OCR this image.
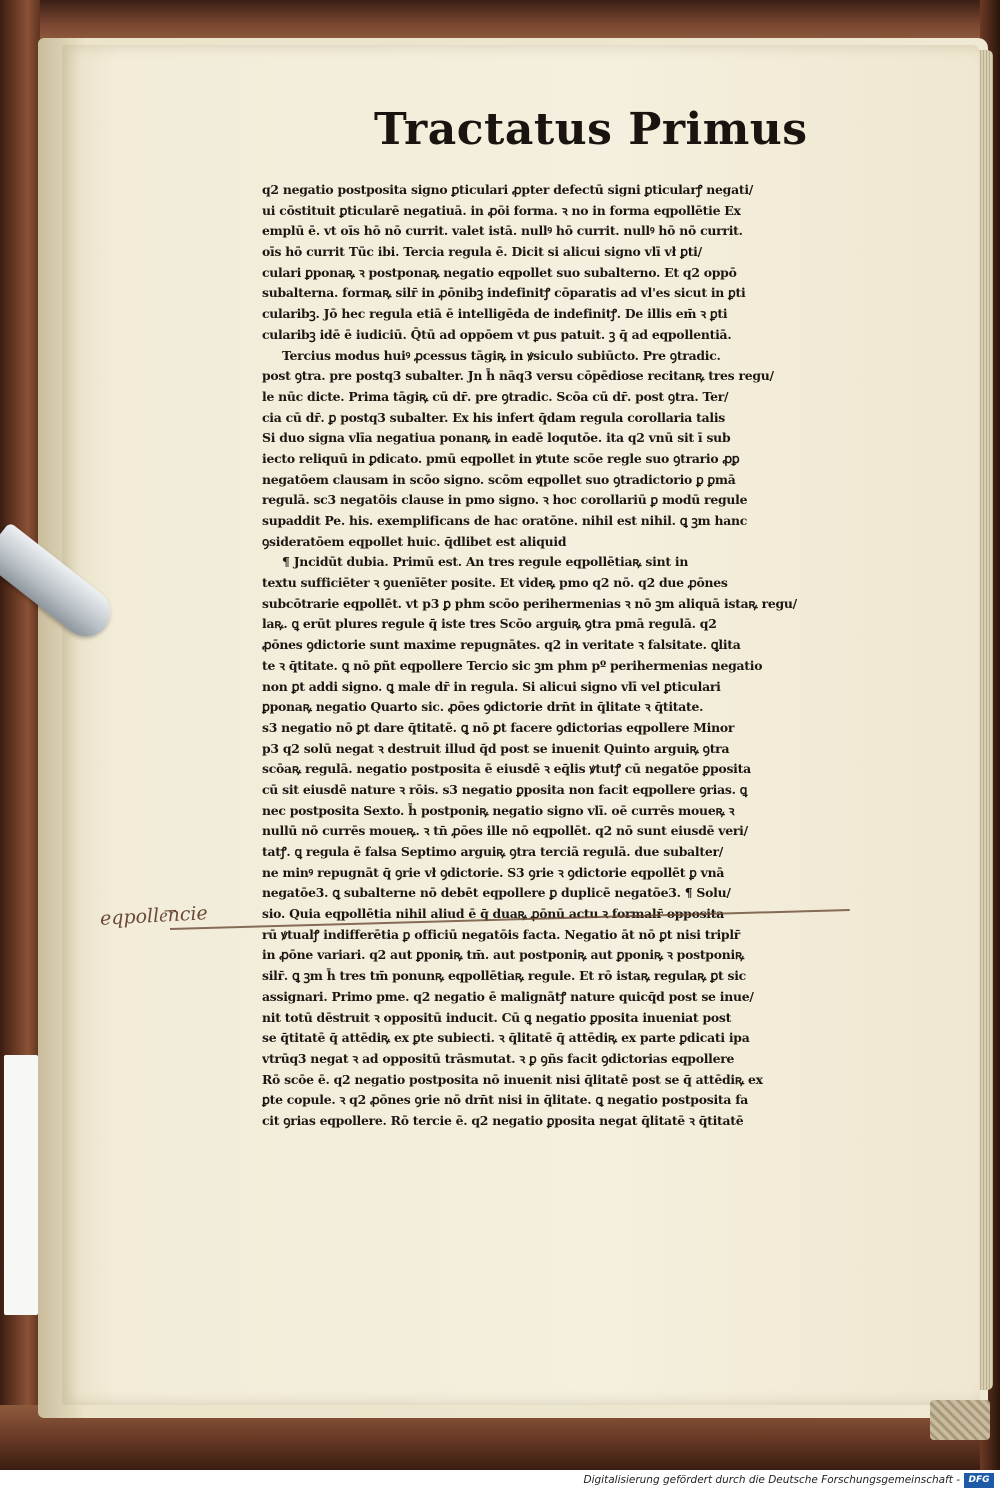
Tractatus Primus
q2 negatio postposita signo ꝑticulari ꝓpter defectū signi ꝑticularꝭ negati/
ui cōstituit ꝑticularē negatiuā. in ꝓōi forma. ꝛ no in forma eqpollētie Ex
emplū ē. vt oīs hō nō currit. valet istā. nullꝰ hō currit. nullꝰ hō nō currit.
oīs hō currit Tūc ibi. Tercia regula ē. Dicit si alicui signo vlī vł ꝑti/
culari ꝑponaꝶ ꝛ postponaꝶ negatio eqpollet suo subalterno. Et q2 oppō
subalterna. formaꝶ silr̄ in ꝓōnibꝫ indefinitꝭ cōparatis ad vl'es sicut in ꝑti
cularibꝫ. Jō hec regula etiā ē intelligēda de indefinitꝭ. De illis em̄ ꝛ ꝑti
cularibꝫ idē ē iudiciū. Q̄tū ad oppōem vt ꝑus patuit. ꝫ q̄ ad eqpollentiā.
Tercius modus huiꝰ ꝓcessus tāgiꝶ in ꝟsiculo subiūcto. Pre ꝯtradic.
post ꝯtra. pre postq3 subalter. Jn h̄ nāq3 versu cōpēdiose recitanꝶ tres regu/
le nūc dicte. Prima tāgiꝶ cū dr̄. pre ꝯtradic. Scōa cū dr̄. post ꝯtra. Ter/
cia cū dr̄. ꝑ postq3 subalter. Ex his infert q̄dam regula corollaria talis
Si duo signa vlīa negatiua ponanꝶ in eadē loqutōe. ita q2 vnū sit ī sub
iecto reliquū in ꝑdicato. pmū eqpollet in ꝟtute scōe regle suo ꝯtrario ꝓꝑ
negatōem clausam in scōo signo. scōm eqpollet suo ꝯtradictorio ꝑ ꝑmā
regulā. sc3 negatōis clause in pmo signo. ꝛ hoc corollariū ꝑ modū regule
supaddit Pe. his. exemplificans de hac oratōne. nihil est nihil. ꝗ ꝫm hanc
ꝯsideratōem eqpollet huic. q̄dlibet est aliquid
¶ Jncidūt dubia. Primū est. An tres regule eqpollētiaꝶ sint in
textu sufficiēter ꝛ ꝯuenīēter posite. Et videꝶ pmo q2 nō. q2 due ꝓōnes
subcōtrarie eqpollēt. vt p3 ꝑ phm scōo perihermenias ꝛ nō ꝫm aliquā istaꝶ regu/
laꝶ. ꝗ erūt plures regule q̄ iste tres Scōo arguiꝶ ꝯtra pmā regulā. q2
ꝓōnes ꝯdictorie sunt maxime repugnātes. q2 in veritate ꝛ falsitate. ꝗlita
te ꝛ q̄titate. ꝗ nō ꝑñt eqpollere Tercio sic ꝫm phm pº perihermenias negatio
non ꝑt addi signo. ꝗ male dr̄ in regula. Si alicui signo vlī vel ꝑticulari
ꝑponaꝶ negatio Quarto sic. ꝓōes ꝯdictorie drn̄t in q̄litate ꝛ q̄titate.
s3 negatio nō ꝑt dare q̄titatē. ꝗ nō ꝑt facere ꝯdictorias eqpollere Minor
p3 q2 solū negat ꝛ destruit illud q̄d post se inuenit Quinto arguiꝶ ꝯtra
scōaꝶ regulā. negatio postposita ē eiusdē ꝛ eq̄lis ꝟtutꝭ cū negatōe ꝑposita
cū sit eiusdē nature ꝛ rōis. s3 negatio ꝑposita non facit eqpollere ꝯrias. ꝗ
nec postposita Sexto. h̄ postponiꝶ negatio signo vlī. oē currēs moueꝶ ꝛ
nullū nō currēs moueꝶ. ꝛ tn̄ ꝓōes ille nō eqpollēt. q2 nō sunt eiusdē veri/
tatꝭ. ꝗ regula ē falsa Septimo arguiꝶ ꝯtra terciā regulā. due subalter/
ne minꝰ repugnāt q̄ ꝯrie vł ꝯdictorie. S3 ꝯrie ꝛ ꝯdictorie eqpollēt ꝑ vnā
negatōe3. ꝗ subalterne nō debēt eqpollere ꝑ duplicē negatōe3. ¶ Solu/
sio. Quia eqpollētia nihil aliud ē q̄ duaꝶ ꝓōnū actu ꝛ formalr̄ opposita
rū ꝟtualꝭ indifferētia ꝑ officiū negatōis facta. Negatio āt nō ꝑt nisi triplr̄
in ꝓōne variari. q2 aut ꝑponiꝶ tm̄. aut postponiꝶ aut ꝑponiꝶ ꝛ postponiꝶ
silr̄. ꝗ ꝫm h̄ tres tm̄ ponunꝶ eqpollētiaꝶ regule. Et rō istaꝶ regulaꝶ ꝑt sic
assignari. Primo pme. q2 negatio ē malignātꝭ nature quicq̄d post se inue/
nit totū dēstruit ꝛ oppositū inducit. Cū ꝗ negatio ꝑposita inueniat post
se q̄titatē q̄ attēdiꝶ ex ꝑte subiecti. ꝛ q̄litatē q̄ attēdiꝶ ex parte ꝑdicati ipa
vtrūq3 negat ꝛ ad oppositū trāsmutat. ꝛ ꝑ ꝯñs facit ꝯdictorias eqpollere
Rō scōe ē. q2 negatio postposita nō inuenit nisi q̄litatē post se q̄ attēdiꝶ ex
ꝑte copule. ꝛ q2 ꝓōnes ꝯrie nō drn̄t nisi in q̄litate. ꝗ negatio postposita fa
cit ꝯrias eqpollere. Rō tercie ē. q2 negatio ꝑposita negat q̄litatē ꝛ q̄titatē
eqpolle͞ncie
Digitalisierung gefördert durch die Deutsche Forschungsgemeinschaft - DFG
